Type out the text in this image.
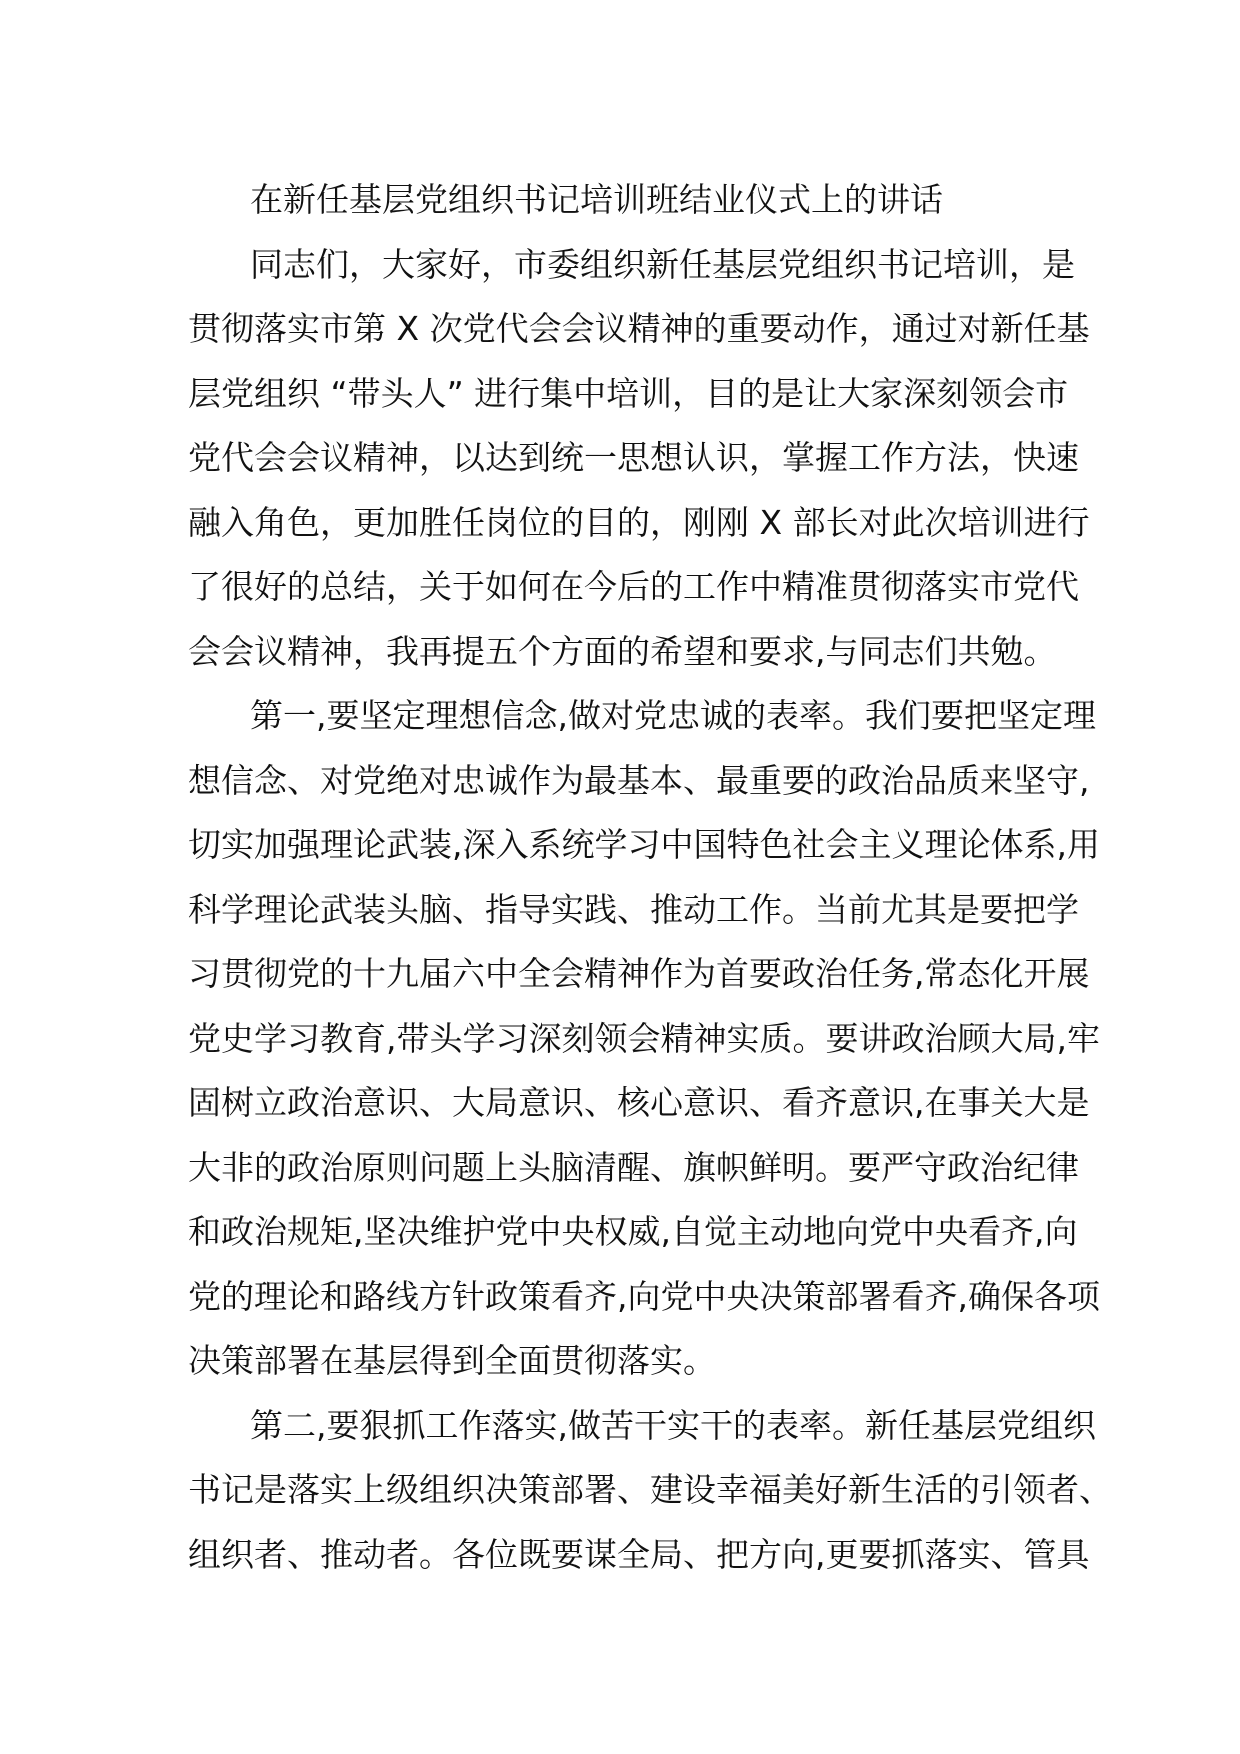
在新任基层党组织书记培训班结业仪式上的讲话
同志们，大家好，市委组织新任基层党组织书记培训，是
贯彻落实市第 X 次党代会会议精神的重要动作，通过对新任基
层党组织 “带头人” 进行集中培训，目的是让大家深刻领会市
党代会会议精神，以达到统一思想认识，掌握工作方法，快速
融入角色，更加胜任岗位的目的，刚刚 X 部长对此次培训进行
了很好的总结，关于如何在今后的工作中精准贯彻落实市党代
会会议精神，我再提五个方面的希望和要求,与同志们共勉。
第一,要坚定理想信念,做对党忠诚的表率。我们要把坚定理
想信念、对党绝对忠诚作为最基本、最重要的政治品质来坚守,
切实加强理论武装,深入系统学习中国特色社会主义理论体系,用
科学理论武装头脑、指导实践、推动工作。当前尤其是要把学
习贯彻党的十九届六中全会精神作为首要政治任务,常态化开展
党史学习教育,带头学习深刻领会精神实质。要讲政治顾大局,牢
固树立政治意识、大局意识、核心意识、看齐意识,在事关大是
大非的政治原则问题上头脑清醒、旗帜鲜明。要严守政治纪律
和政治规矩,坚决维护党中央权威,自觉主动地向党中央看齐,向
党的理论和路线方针政策看齐,向党中央决策部署看齐,确保各项
决策部署在基层得到全面贯彻落实。
第二,要狠抓工作落实,做苦干实干的表率。新任基层党组织
书记是落实上级组织决策部署、建设幸福美好新生活的引领者、
组织者、推动者。各位既要谋全局、把方向,更要抓落实、管具
